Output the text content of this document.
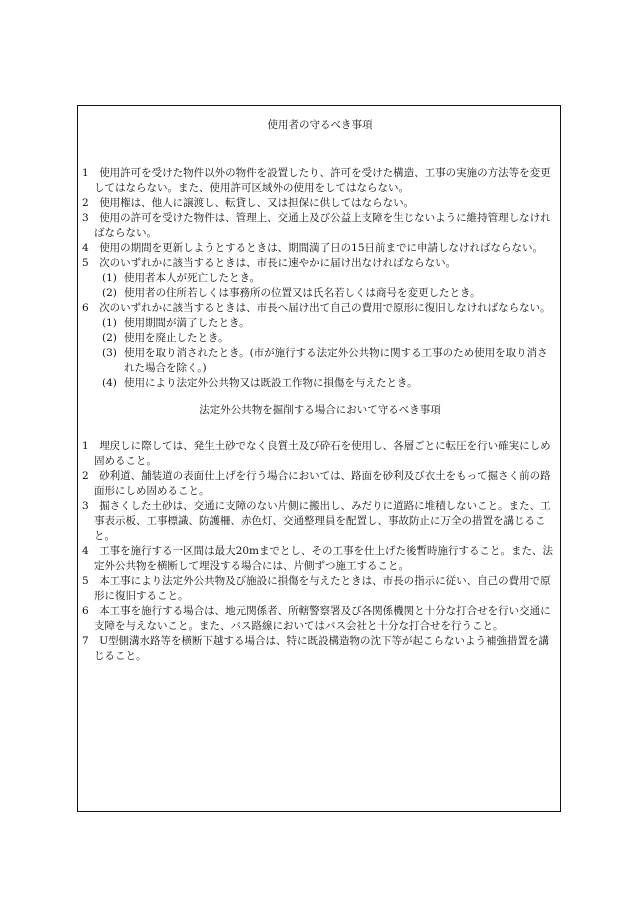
使用者の守るべき事項
1　 使用許可を受けた物件以外の物件を設置したり、許可を受けた構造、工事の実施の方法等を変更してはならない。また、使用許可区域外の使用をしてはならない。
2　 使用権は、他人に譲渡し、転貸し、又は担保に供してはならない。
3　 使用の許可を受けた物件は、管理上、交通上及び公益上支障を生じないように維持管理しなければならない。
4　 使用の期間を更新しようとするときは、期間満了日の15日前までに申請しなければならない。
5　 次のいずれかに該当するときは、市長に速やかに届け出なければならない。
(1) 使用者本人が死亡したとき。
(2) 使用者の住所若しくは事務所の位置又は氏名若しくは商号を変更したとき。
6　 次のいずれかに該当するときは、市長へ届け出て自己の費用で原形に復旧しなければならない。
(1) 使用期間が満了したとき。
(2) 使用を廃止したとき。
(3) 使用を取り消されたとき。(市が施行する法定外公共物に関する工事のため使用を取り消された場合を除く。)
(4) 使用により法定外公共物又は既設工作物に損傷を与えたとき。
法定外公共物を掘削する場合において守るべき事項
1　 埋戻しに際しては、発生土砂でなく良質土及び砕石を使用し、各層ごとに転圧を行い確実にしめ固めること。
2　 砂利道、舗装道の表面仕上げを行う場合においては、路面を砂利及び衣土をもって掘さく前の路面形にしめ固めること。
3　 掘さくした土砂は、交通に支障のない片側に搬出し、みだりに道路に堆積しないこと。また、工事表示板、工事標識、防護柵、赤色灯、交通整理員を配置し、事故防止に万全の措置を講じること。
4　 工事を施行する一区間は最大20mまでとし、その工事を仕上げた後暫時施行すること。また、法定外公共物を横断して埋没する場合には、片側ずつ施工すること。
5　 本工事により法定外公共物及び施設に損傷を与えたときは、市長の指示に従い、自己の費用で原形に復旧すること。
6　 本工事を施行する場合は、地元関係者、所轄警察署及び各関係機関と十分な打合せを行い交通に支障を与えないこと。また、バス路線においてはバス会社と十分な打合せを行うこと。
7　 U型側溝水路等を横断下越する場合は、特に既設構造物の沈下等が起こらないよう補強措置を講じること。
